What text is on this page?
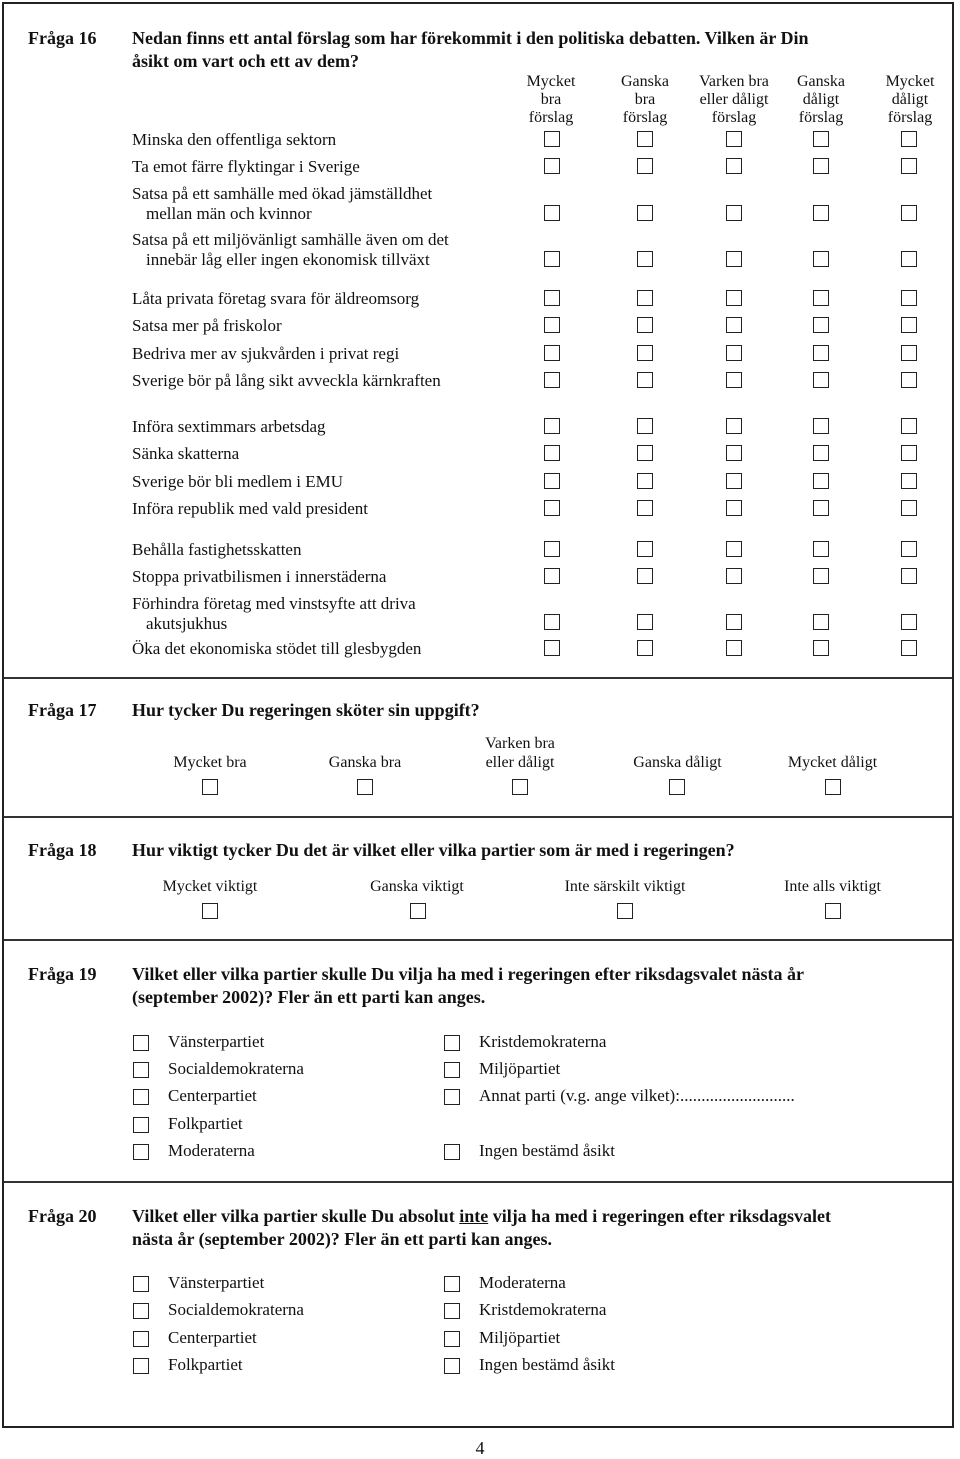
Fråga 16 Nedan finns ett antal förslag som har förekommit i den politiska debatten. Vilken är Din
åsikt om vart och ett av dem?
Mycket
bra
förslag
Ganska
bra
förslag
Varken bra
eller dåligt
förslag
Ganska
dåligt
förslag
Mycket
dåligt
förslag
Minska den offentliga sektorn
Ta emot färre flyktingar i Sverige
Satsa på ett samhälle med ökad jämställdhet
mellan män och kvinnor
Satsa på ett miljövänligt samhälle även om det
innebär låg eller ingen ekonomisk tillväxt
Låta privata företag svara för äldreomsorg
Satsa mer på friskolor
Bedriva mer av sjukvården i privat regi
Sverige bör på lång sikt avveckla kärnkraften
Införa sextimmars arbetsdag
Sänka skatterna
Sverige bör bli medlem i EMU
Införa republik med vald president
Behålla fastighetsskatten
Stoppa privatbilismen i innerstäderna
Förhindra företag med vinstsyfte att driva
akutsjukhus
Öka det ekonomiska stödet till glesbygden
Fråga 17 Hur tycker Du regeringen sköter sin uppgift?
Mycket bra	Ganska bra
Varken bra
eller dåligt	Ganska dåligt	Mycket dåligt
Fråga 18 Hur viktigt tycker Du det är vilket eller vilka partier som är med i regeringen?
Mycket viktigt	Ganska viktigt	Inte särskilt viktigt	Inte alls viktigt
Fråga 19 Vilket eller vilka partier skulle Du vilja ha med i regeringen efter riksdagsvalet nästa år
(september 2002)? Fler än ett parti kan anges.
Vänsterpartiet
Socialdemokraterna
Centerpartiet
Folkpartiet
Moderaterna
Kristdemokraterna
Miljöpartiet
Annat parti (v.g. ange vilket):...........................
Ingen bestämd åsikt
Fråga 20 Vilket eller vilka partier skulle Du absolut inte vilja ha med i regeringen efter riksdagsvalet
nästa år (september 2002)? Fler än ett parti kan anges.
Vänsterpartiet
Socialdemokraterna
Centerpartiet
Folkpartiet
Moderaterna
Kristdemokraterna
Miljöpartiet
Ingen bestämd åsikt
4
